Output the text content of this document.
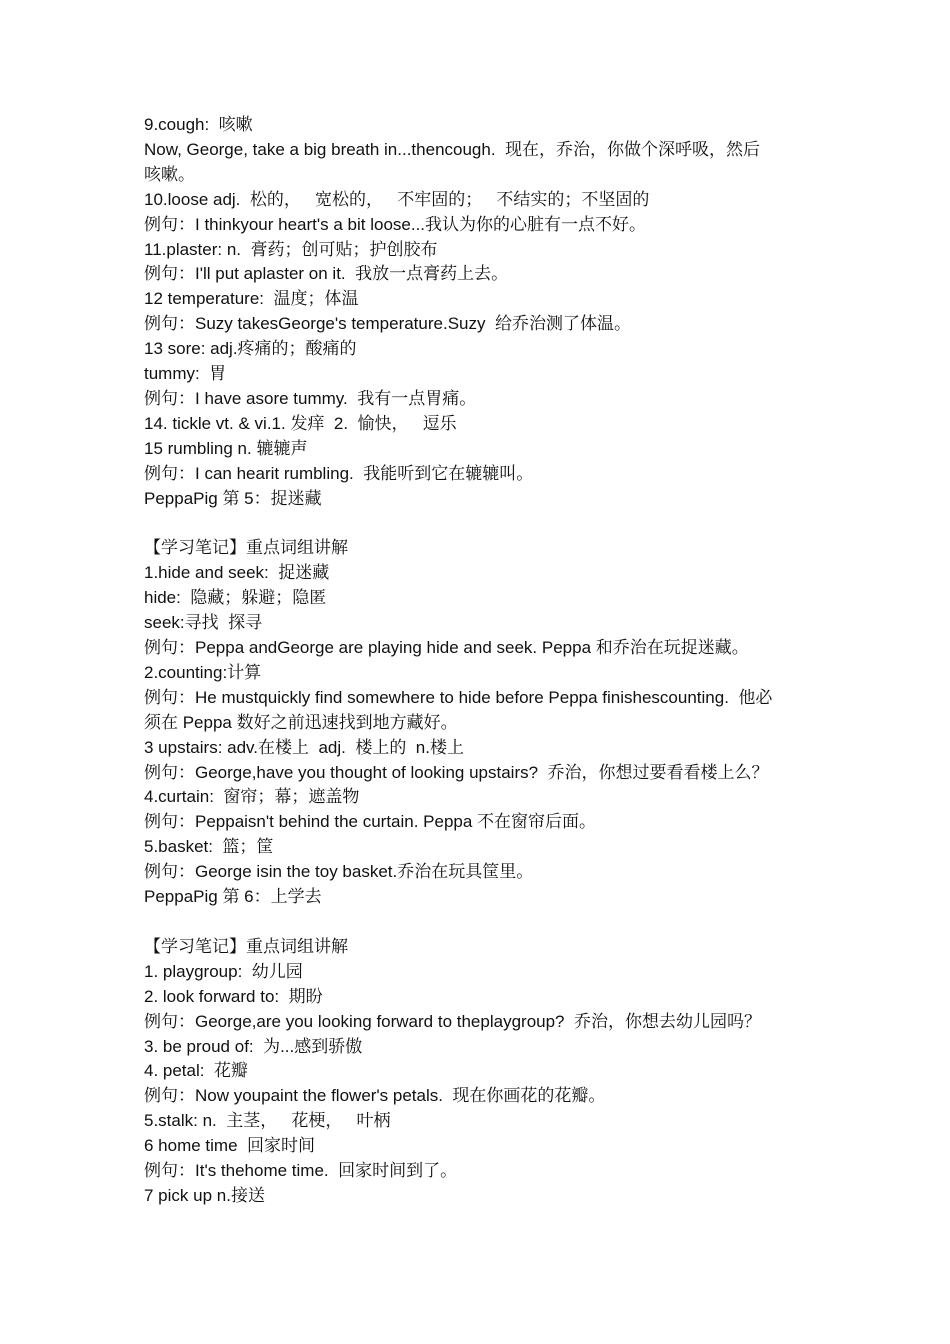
9.cough:  咳嗽
Now, George, take a big breath in...thencough.  现在，乔治，你做个深呼吸，然后
咳嗽。
10.loose adj.  松的，   宽松的，   不牢固的；   不结实的；不坚固的
例句：I thinkyour heart's a bit loose...我认为你的心脏有一点不好。
11.plaster: n.  膏药；创可贴；护创胶布
例句：I'll put aplaster on it.  我放一点膏药上去。
12 temperature:  温度；体温
例句：Suzy takesGeorge's temperature.Suzy  给乔治测了体温。
13 sore: adj.疼痛的；酸痛的
tummy:  胃
例句：I have asore tummy.  我有一点胃痛。
14. tickle vt. & vi.1. 发痒  2.  愉快，   逗乐
15 rumbling n. 辘辘声
例句：I can hearit rumbling.  我能听到它在辘辘叫。
PeppaPig 第 5：捉迷藏
【学习笔记】重点词组讲解
1.hide and seek:  捉迷藏
hide:  隐藏；躲避；隐匿
seek:寻找  探寻
例句：Peppa andGeorge are playing hide and seek. Peppa 和乔治在玩捉迷藏。
2.counting:计算
例句：He mustquickly find somewhere to hide before Peppa finishescounting.  他必
须在 Peppa 数好之前迅速找到地方藏好。
3 upstairs: adv.在楼上  adj.  楼上的  n.楼上
例句：George,have you thought of looking upstairs?  乔治，你想过要看看楼上么？
4.curtain:  窗帘；幕；遮盖物
例句：Peppaisn't behind the curtain. Peppa 不在窗帘后面。
5.basket:  篮；筐
例句：George isin the toy basket.乔治在玩具筐里。
PeppaPig 第 6：上学去
【学习笔记】重点词组讲解
1. playgroup:  幼儿园
2. look forward to:  期盼
例句：George,are you looking forward to theplaygroup?  乔治，你想去幼儿园吗？
3. be proud of:  为...感到骄傲
4. petal:  花瓣
例句：Now youpaint the flower's petals.  现在你画花的花瓣。
5.stalk: n.  主茎，   花梗，   叶柄
6 home time  回家时间
例句：It's thehome time.  回家时间到了。
7 pick up n.接送
